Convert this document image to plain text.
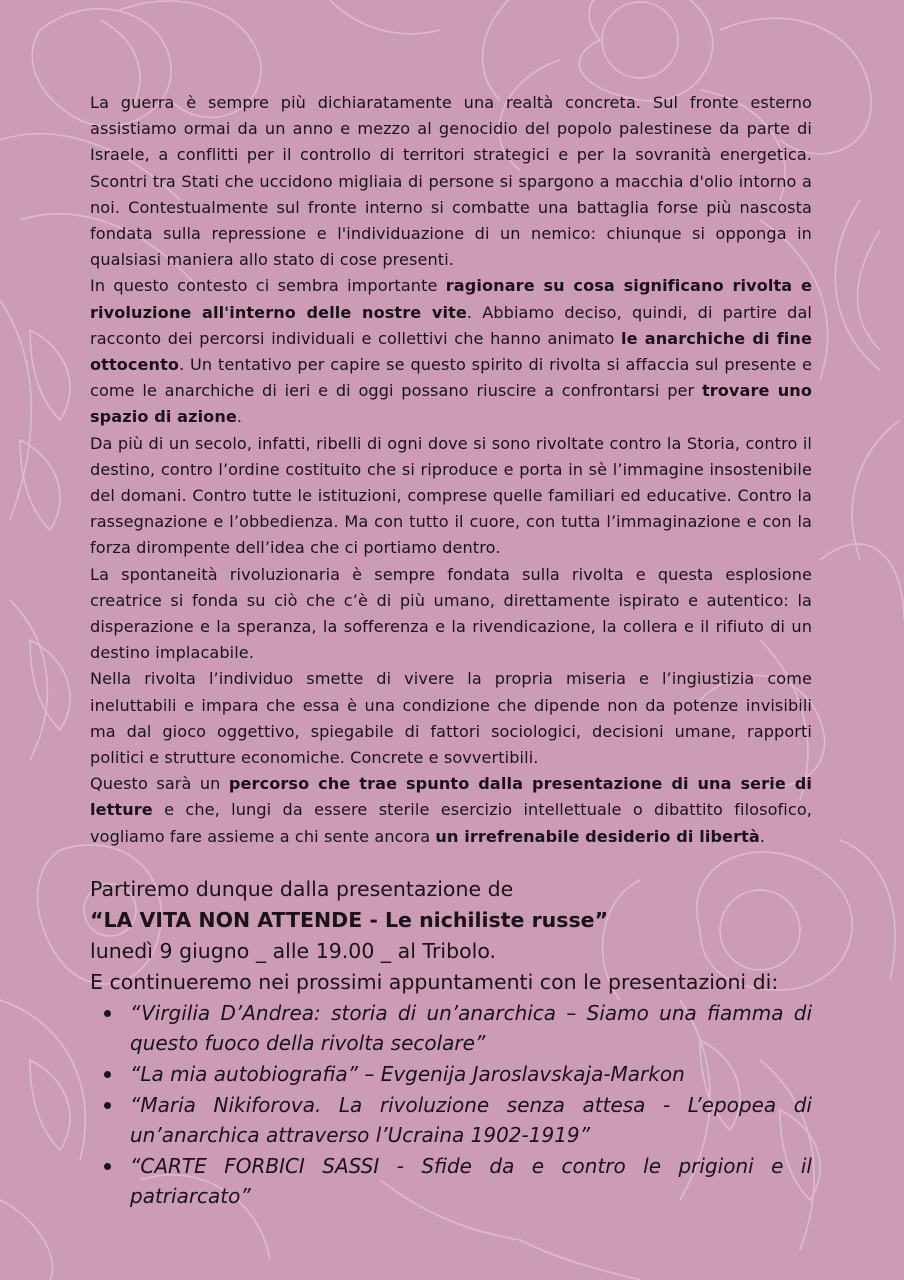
La guerra è sempre più dichiaratamente una realtà concreta. Sul fronte esterno assistiamo ormai da un anno e mezzo al genocidio del popolo palestinese da parte di Israele, a conflitti per il controllo di territori strategici e per la sovranità energetica. Scontri tra Stati che uccidono migliaia di persone si spargono a macchia d'olio intorno a noi. Contestualmente sul fronte interno si combatte una battaglia forse più nascosta fondata sulla repressione e l'individuazione di un nemico: chiunque si opponga in qualsiasi maniera allo stato di cose presenti.

In questo contesto ci sembra importante ragionare su cosa significano rivolta e rivoluzione all'interno delle nostre vite. Abbiamo deciso, quindi, di partire dal racconto dei percorsi individuali e collettivi che hanno animato le anarchiche di fine ottocento. Un tentativo per capire se questo spirito di rivolta si affaccia sul presente e come le anarchiche di ieri e di oggi possano riuscire a confrontarsi per trovare uno spazio di azione.

Da più di un secolo, infatti, ribelli di ogni dove si sono rivoltate contro la Storia, contro il destino, contro l’ordine costituito che si riproduce e porta in sè l’immagine insostenibile del domani. Contro tutte le istituzioni, comprese quelle familiari ed educative. Contro la rassegnazione e l’obbedienza. Ma con tutto il cuore, con tutta l’immaginazione e con la forza dirompente dell’idea che ci portiamo dentro.

La spontaneità rivoluzionaria è sempre fondata sulla rivolta e questa esplosione creatrice si fonda su ciò che c’è di più umano, direttamente ispirato e autentico: la disperazione e la speranza, la sofferenza e la rivendicazione, la collera e il rifiuto di un destino implacabile.

Nella rivolta l’individuo smette di vivere la propria miseria e l’ingiustizia come ineluttabili e impara che essa è una condizione che dipende non da potenze invisibili ma dal gioco oggettivo, spiegabile di fattori sociologici, decisioni umane, rapporti politici e strutture economiche. Concrete e sovvertibili.

Questo sarà un percorso che trae spunto dalla presentazione di una serie di letture e che, lungi da essere sterile esercizio intellettuale o dibattito filosofico, vogliamo fare assieme a chi sente ancora un irrefrenabile desiderio di libertà.

Partiremo dunque dalla presentazione de
“LA VITA NON ATTENDE - Le nichiliste russe”
lunedì 9 giugno _ alle 19.00 _ al Tribolo.
E continueremo nei prossimi appuntamenti con le presentazioni di:
“Virgilia D’Andrea: storia di un’anarchica – Siamo una fiamma di questo fuoco della rivolta secolare”
“La mia autobiografia” – Evgenija Jaroslavskaja-Markon
“Maria Nikiforova. La rivoluzione senza attesa - L’epopea di un’anarchica attraverso l’Ucraina 1902-1919”
“CARTE FORBICI SASSI - Sfide da e contro le prigioni e il patriarcato”
